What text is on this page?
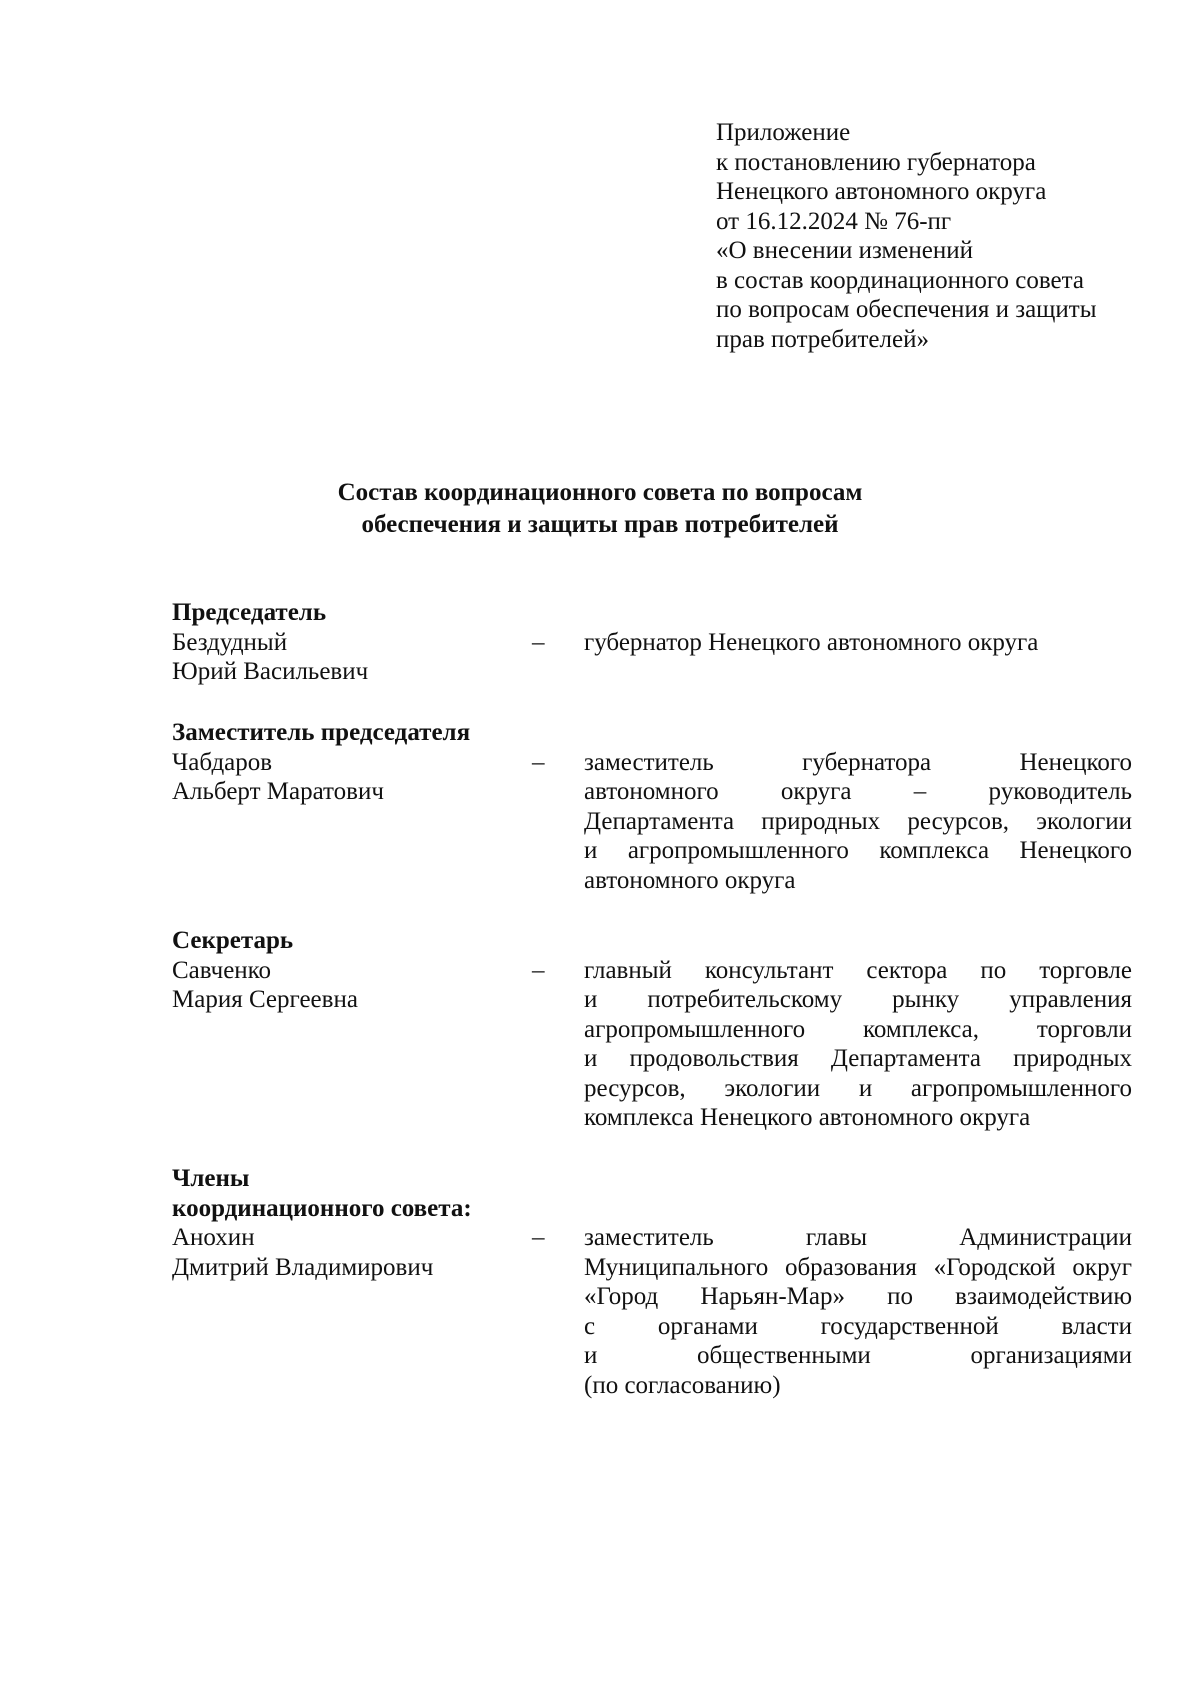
Приложение
к постановлению губернатора
Ненецкого автономного округа
от 16.12.2024 № 76-пг
«О внесении изменений
в состав координационного совета
по вопросам обеспечения и защиты
прав потребителей»
Состав координационного совета по вопросам
обеспечения и защиты прав потребителей
Председатель
Бездудный
Юрий Васильевич
–	губернатор Ненецкого автономного округа
Заместитель председателя
Чабдаров
Альберт Маратович
–	заместитель губернатора Ненецкого
автономного округа – руководитель
Департамента природных ресурсов, экологии
и агропромышленного комплекса Ненецкого
автономного округа
Секретарь
Савченко
Мария Сергеевна
–	главный консультант сектора по торговле
и потребительскому рынку управления
агропромышленного комплекса, торговли
и продовольствия Департамента природных
ресурсов, экологии и агропромышленного
комплекса Ненецкого автономного округа
Члены
координационного совета:
Анохин
Дмитрий Владимирович
–	заместитель главы Администрации
Муниципального образования «Городской округ
«Город Нарьян-Мар» по взаимодействию
с органами государственной власти
и общественными организациями
(по согласованию)
